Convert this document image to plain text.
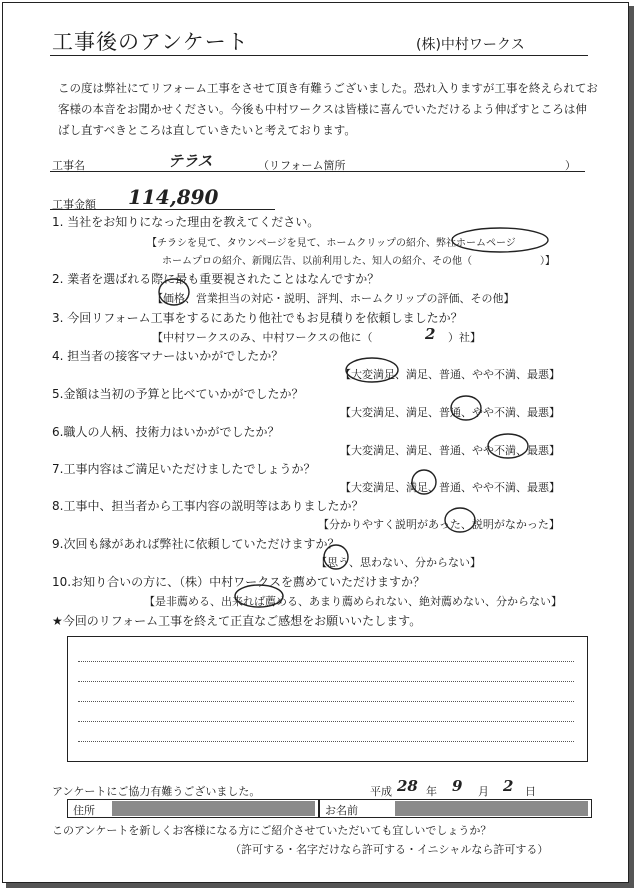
工事後のアンケート	(株)中村ワークス
この度は弊社にてリフォーム工事をさせて頂き有難うございました。恐れ入りますが工事を終えられてお客様の本音をお聞かせください。今後も中村ワークスは皆様に喜んでいただけるよう伸ばすところは伸ばし直すべきところは直していきたいと考えております。
工事名	テラス	（リフォーム箇所	）
工事金額 114,890
1. 当社をお知りになった理由を教えてください。
【チラシを見て、タウンページを見て、ホームクリップの紹介、弊社ホームページ
ホームプロの紹介、新聞広告、以前利用した、知人の紹介、その他（	）】
2. 業者を選ばれる際に最も重要視されたことはなんですか？
【価格、営業担当の対応・説明、評判、ホームクリップの評価、その他】
3. 今回リフォーム工事をするにあたり他社でもお見積りを依頼しましたか？
【中村ワークスのみ、中村ワークスの他に（	2 ）社】
4. 担当者の接客マナーはいかがでしたか？
【大変満足、満足、普通、やや不満、最悪】
5.金額は当初の予算と比べていかがでしたか？
【大変満足、満足、普通、やや不満、最悪】
6.職人の人柄、技術力はいかがでしたか？
【大変満足、満足、普通、やや不満、最悪】
7.工事内容はご満足いただけましたでしょうか？
【大変満足、満足、普通、やや不満、最悪】
8.工事中、担当者から工事内容の説明等はありましたか？
【分かりやすく説明があった、説明がなかった】
9.次回も縁があれば弊社に依頼していただけますか？
【思う、思わない、分からない】
10.お知り合いの方に、（株）中村ワークスを薦めていただけますか？
【是非薦める、出来れば薦める、あまり薦められない、絶対薦めない、分からない】
★今回のリフォーム工事を終えて正直なご感想をお願いいたします。
アンケートにご協力有難うございました。	平成 28 年 9 月 2 日
住所	お名前
このアンケートを新しくお客様になる方にご紹介させていただいても宜しいでしょうか？
（許可する・名字だけなら許可する・イニシャルなら許可する）
